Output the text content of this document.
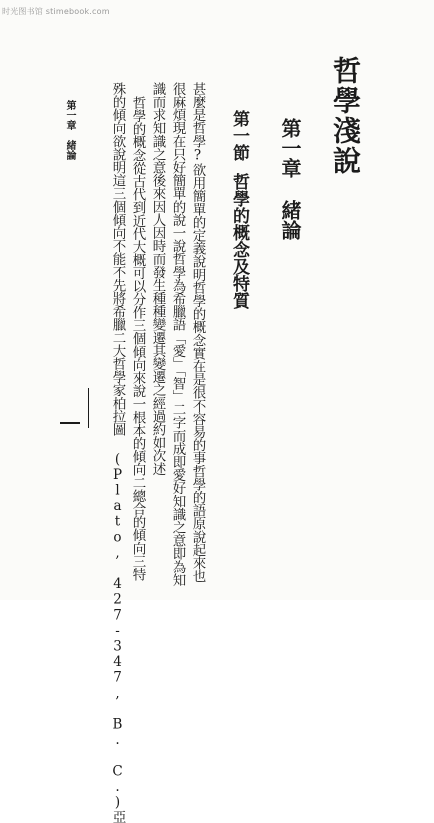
时光图书馆 stimebook.com
哲學淺說
第一章緒論
第一節哲學的概念及特質
甚麼是哲學?欲用簡單的定義說明哲學的概念實在是很不容易的事哲學的語原說起來也
很麻煩現在只好簡單的說一說哲學為希臘語「愛」「智」二字而成即愛好知識之意即為知
識而求知識之意後來因人因時而發生種種變遷其變遷之經過約如次述
哲學的概念從古代到近代大概可以分作三個傾向來說一根本的傾向二總合的傾向三特
殊的傾向欲說明這三個傾向不能不先將希臘二大哲學家柏拉圖 (Plato, 427-347, B. C.)亞
第一章緒論
